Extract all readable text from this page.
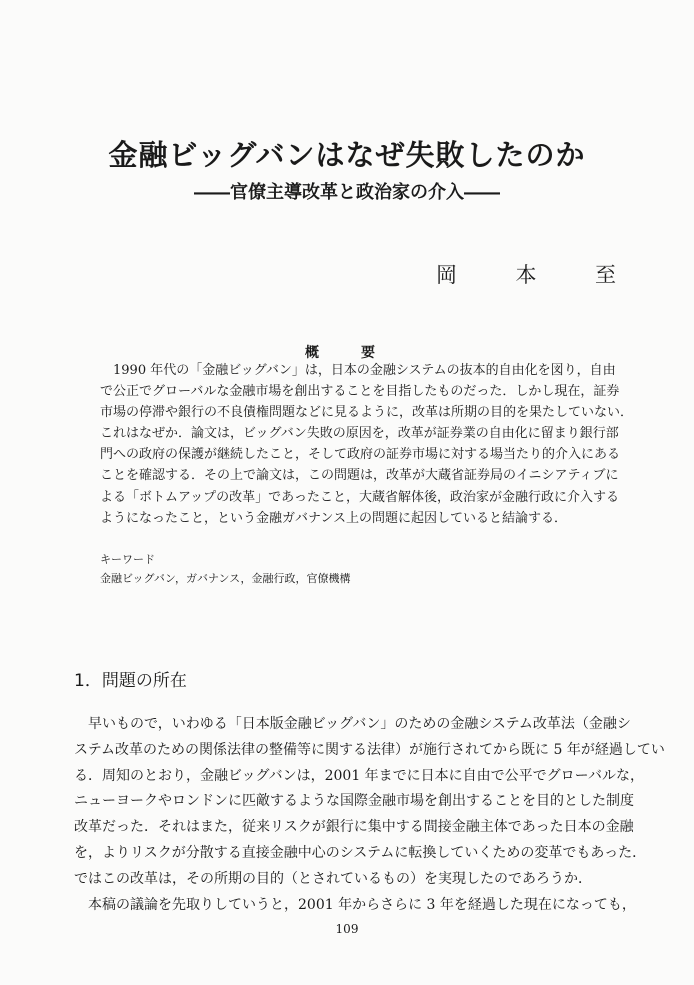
金融ビッグバンはなぜ失敗したのか
――官僚主導改革と政治家の介入――
岡	本	至
概　要
　1990 年代の「金融ビッグバン」は，日本の金融システムの抜本的自由化を図り，自由
で公正でグローバルな金融市場を創出することを目指したものだった．しかし現在，証券
市場の停滞や銀行の不良債権問題などに見るように，改革は所期の目的を果たしていない．
これはなぜか．論文は，ビッグバン失敗の原因を，改革が証券業の自由化に留まり銀行部
門への政府の保護が継続したこと，そして政府の証券市場に対する場当たり的介入にある
ことを確認する．その上で論文は，この問題は，改革が大蔵省証券局のイニシアティブに
よる「ボトムアップの改革」であったこと，大蔵省解体後，政治家が金融行政に介入する
ようになったこと，という金融ガバナンス上の問題に起因していると結論する．
キーワード
金融ビッグバン，ガバナンス，金融行政，官僚機構
1．問題の所在
　早いもので，いわゆる「日本版金融ビッグバン」のための金融システム改革法（金融シ
ステム改革のための関係法律の整備等に関する法律）が施行されてから既に 5 年が経過してい
る．周知のとおり，金融ビッグバンは，2001 年までに日本に自由で公平でグローバルな，
ニューヨークやロンドンに匹敵するような国際金融市場を創出することを目的とした制度
改革だった．それはまた，従来リスクが銀行に集中する間接金融主体であった日本の金融
を，よりリスクが分散する直接金融中心のシステムに転換していくための変革でもあった．
ではこの改革は，その所期の目的（とされているもの）を実現したのであろうか．
　本稿の議論を先取りしていうと，2001 年からさらに 3 年を経過した現在になっても，
109
